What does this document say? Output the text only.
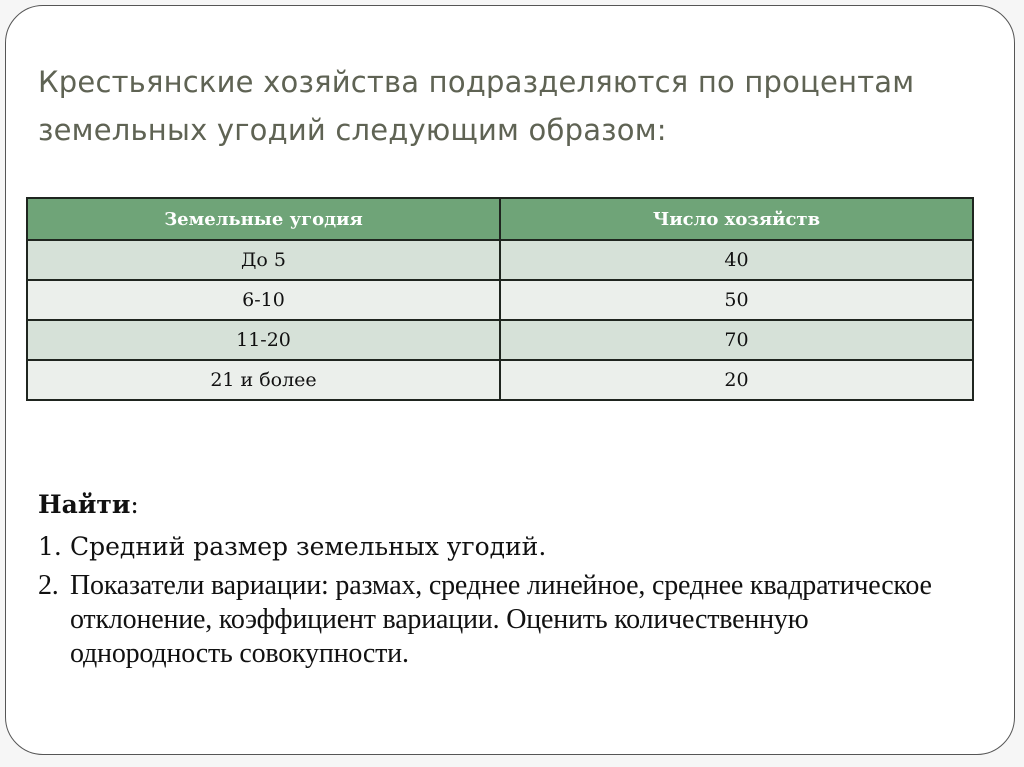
Крестьянские хозяйства подразделяются по процентам
земельных угодий следующим образом:
Земельные угодия	Число хозяйств
До 5	40
6-10	50
11-20	70
21 и более	20
Найти:
1. Средний размер земельных угодий.
2. Показатели вариации: размах, среднее линейное, среднее квадратическое отклонение, коэффициент вариации. Оценить количественную однородность совокупности.
